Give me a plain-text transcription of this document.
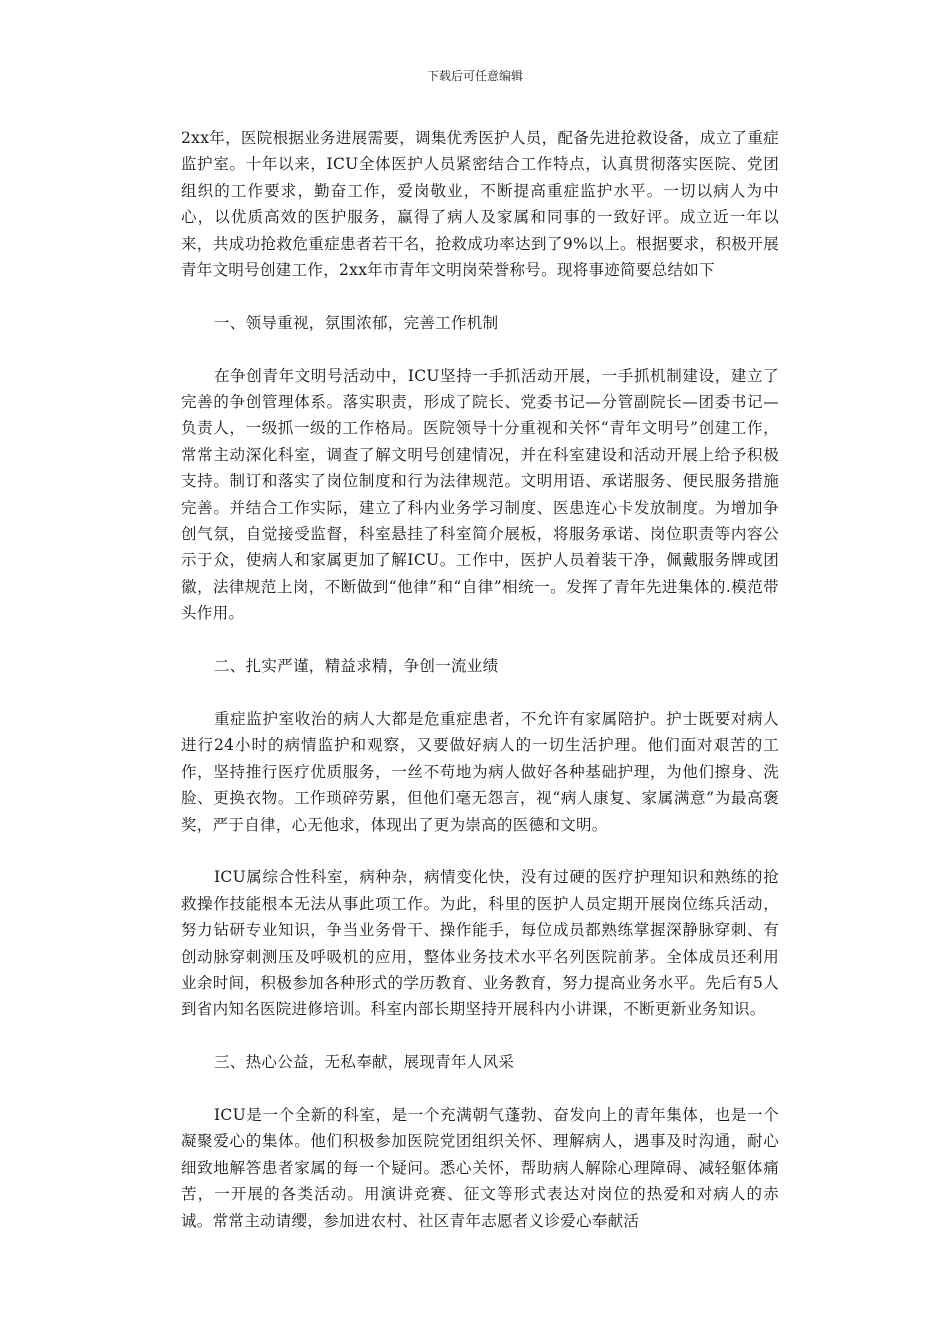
下载后可任意编辑

2xx年，医院根据业务进展需要，调集优秀医护人员，配备先进抢救设备，成立了重症监护室。十年以来，ICU全体医护人员紧密结合工作特点，认真贯彻落实医院、党团组织的工作要求，勤奋工作，爱岗敬业，不断提高重症监护水平。一切以病人为中心，以优质高效的医护服务，赢得了病人及家属和同事的一致好评。成立近一年以来，共成功抢救危重症患者若干名，抢救成功率达到了9%以上。根据要求，积极开展青年文明号创建工作，2xx年市青年文明岗荣誉称号。现将事迹简要总结如下

一、领导重视，氛围浓郁，完善工作机制

在争创青年文明号活动中，ICU坚持一手抓活动开展，一手抓机制建设，建立了完善的争创管理体系。落实职责，形成了院长、党委书记—分管副院长—团委书记—负责人，一级抓一级的工作格局。医院领导十分重视和关怀“青年文明号”创建工作，常常主动深化科室，调查了解文明号创建情况，并在科室建设和活动开展上给予积极支持。制订和落实了岗位制度和行为法律规范。文明用语、承诺服务、便民服务措施完善。并结合工作实际，建立了科内业务学习制度、医患连心卡发放制度。为增加争创气氛，自觉接受监督，科室悬挂了科室简介展板，将服务承诺、岗位职责等内容公示于众，使病人和家属更加了解ICU。工作中，医护人员着装干净，佩戴服务牌或团徽，法律规范上岗，不断做到“他律”和“自律”相统一。发挥了青年先进集体的.模范带头作用。

二、扎实严谨，精益求精，争创一流业绩

重症监护室收治的病人大都是危重症患者，不允许有家属陪护。护士既要对病人进行24小时的病情监护和观察，又要做好病人的一切生活护理。他们面对艰苦的工作，坚持推行医疗优质服务，一丝不苟地为病人做好各种基础护理，为他们擦身、洗脸、更换衣物。工作琐碎劳累，但他们毫无怨言，视“病人康复、家属满意”为最高褒奖，严于自律，心无他求，体现出了更为崇高的医德和文明。

ICU属综合性科室，病种杂，病情变化快，没有过硬的医疗护理知识和熟练的抢救操作技能根本无法从事此项工作。为此，科里的医护人员定期开展岗位练兵活动，努力钻研专业知识，争当业务骨干、操作能手，每位成员都熟练掌握深静脉穿刺、有创动脉穿刺测压及呼吸机的应用，整体业务技术水平名列医院前茅。全体成员还利用业余时间，积极参加各种形式的学历教育、业务教育，努力提高业务水平。先后有5人到省内知名医院进修培训。科室内部长期坚持开展科内小讲课，不断更新业务知识。

三、热心公益，无私奉献，展现青年人风采

ICU是一个全新的科室，是一个充满朝气蓬勃、奋发向上的青年集体，也是一个凝聚爱心的集体。他们积极参加医院党团组织关怀、理解病人，遇事及时沟通，耐心细致地解答患者家属的每一个疑问。悉心关怀，帮助病人解除心理障碍、减轻躯体痛苦，一开展的各类活动。用演讲竞赛、征文等形式表达对岗位的热爱和对病人的赤诚。常常主动请缨，参加进农村、社区青年志愿者义诊爱心奉献活
